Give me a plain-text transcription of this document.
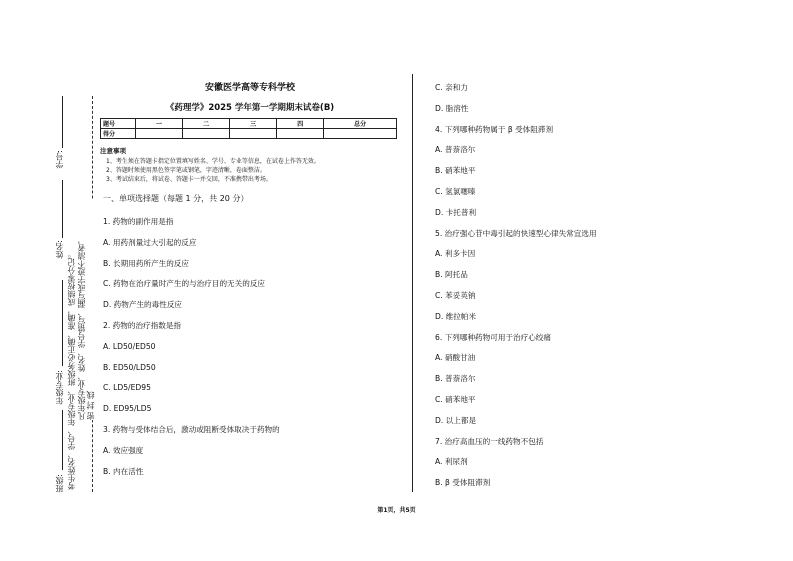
学号:
姓名:
年级专业:
班级: 考生姓名、学号、年级专业、班级务必正确、准确，成绩按零分记。 凡年级专业、姓名、学号错写、漏写或字迹不清者， 密 封 线
安徽医学高等专科学校
《药理学》2025 学年第一学期期末试卷(B)
题号	一	二	三	四	总分
得分					
注意事项
1、考生须在答题卡指定位置填写姓名、学号、专业等信息，在试卷上作答无效。
2、答题时须使用黑色签字笔或钢笔，字迹清晰，卷面整洁。
3、考试结束后，将试卷、答题卡一并交回，不准携带出考场。
一、单项选择题（每题 1 分，共 20 分）
1. 药物的副作用是指
A. 用药剂量过大引起的反应
B. 长期用药所产生的反应
C. 药物在治疗量时产生的与治疗目的无关的反应
D. 药物产生的毒性反应
2. 药物的治疗指数是指
A. LD50/ED50
B. ED50/LD50
C. LD5/ED95
D. ED95/LD5
3. 药物与受体结合后，激动或阻断受体取决于药物的
A. 效应强度
B. 内在活性
C. 亲和力
D. 脂溶性
4. 下列哪种药物属于 β 受体阻滞剂
A. 普萘洛尔
B. 硝苯地平
C. 氢氯噻嗪
D. 卡托普利
5. 治疗强心苷中毒引起的快速型心律失常宜选用
A. 利多卡因
B. 阿托品
C. 苯妥英钠
D. 维拉帕米
6. 下列哪种药物可用于治疗心绞痛
A. 硝酸甘油
B. 普萘洛尔
C. 硝苯地平
D. 以上都是
7. 治疗高血压的一线药物不包括
A. 利尿剂
B. β 受体阻滞剂
第1页，共5页
